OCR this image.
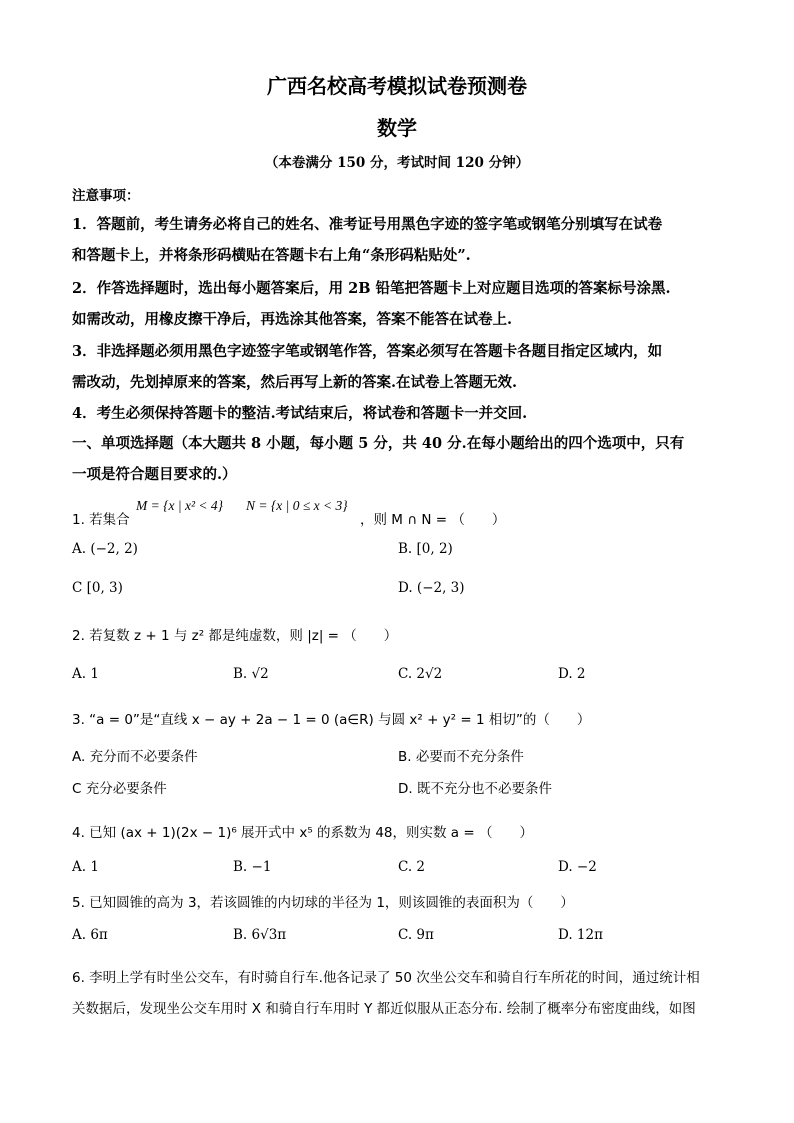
广西名校高考模拟试卷预测卷
数学
（本卷满分 150 分，考试时间 120 分钟）
注意事项：
1．答题前，考生请务必将自己的姓名、准考证号用黑色字迹的签字笔或钢笔分别填写在试卷
和答题卡上，并将条形码横贴在答题卡右上角“条形码粘贴处”.
2．作答选择题时，选出每小题答案后，用 2B 铅笔把答题卡上对应题目选项的答案标号涂黑.
如需改动，用橡皮擦干净后，再选涂其他答案，答案不能答在试卷上.
3．非选择题必须用黑色字迹签字笔或钢笔作答，答案必须写在答题卡各题目指定区域内，如
需改动，先划掉原来的答案，然后再写上新的答案.在试卷上答题无效.
4．考生必须保持答题卡的整洁.考试结束后，将试卷和答题卡一并交回.
一、单项选择题（本大题共 8 小题，每小题 5 分，共 40 分.在每小题给出的四个选项中，只有
一项是符合题目要求的.）
1. 若集合
M = {x | x² < 4} N = {x | 0 ≤ x < 3}
，则 M ∩ N = （　　）
A. (−2, 2)	B. [0, 2)
C [0, 3)	D. (−2, 3)
2. 若复数 z + 1 与 z² 都是纯虚数，则 |z| = （　　）
A. 1	B. √2	C. 2√2	D. 2
3. “a = 0”是“直线 x − ay + 2a − 1 = 0 (a∈R) 与圆 x² + y² = 1 相切”的（　　）
A. 充分而不必要条件	B. 必要而不充分条件
C 充分必要条件	D. 既不充分也不必要条件
4. 已知 (ax + 1)(2x − 1)⁶ 展开式中 x⁵ 的系数为 48，则实数 a = （　　）
A. 1	B. −1	C. 2	D. −2
5. 已知圆锥的高为 3，若该圆锥的内切球的半径为 1，则该圆锥的表面积为（　　）
A. 6π	B. 6√3π	C. 9π	D. 12π
6. 李明上学有时坐公交车，有时骑自行车.他各记录了 50 次坐公交车和骑自行车所花的时间，通过统计相
关数据后，发现坐公交车用时 X 和骑自行车用时 Y 都近似服从正态分布. 绘制了概率分布密度曲线，如图
